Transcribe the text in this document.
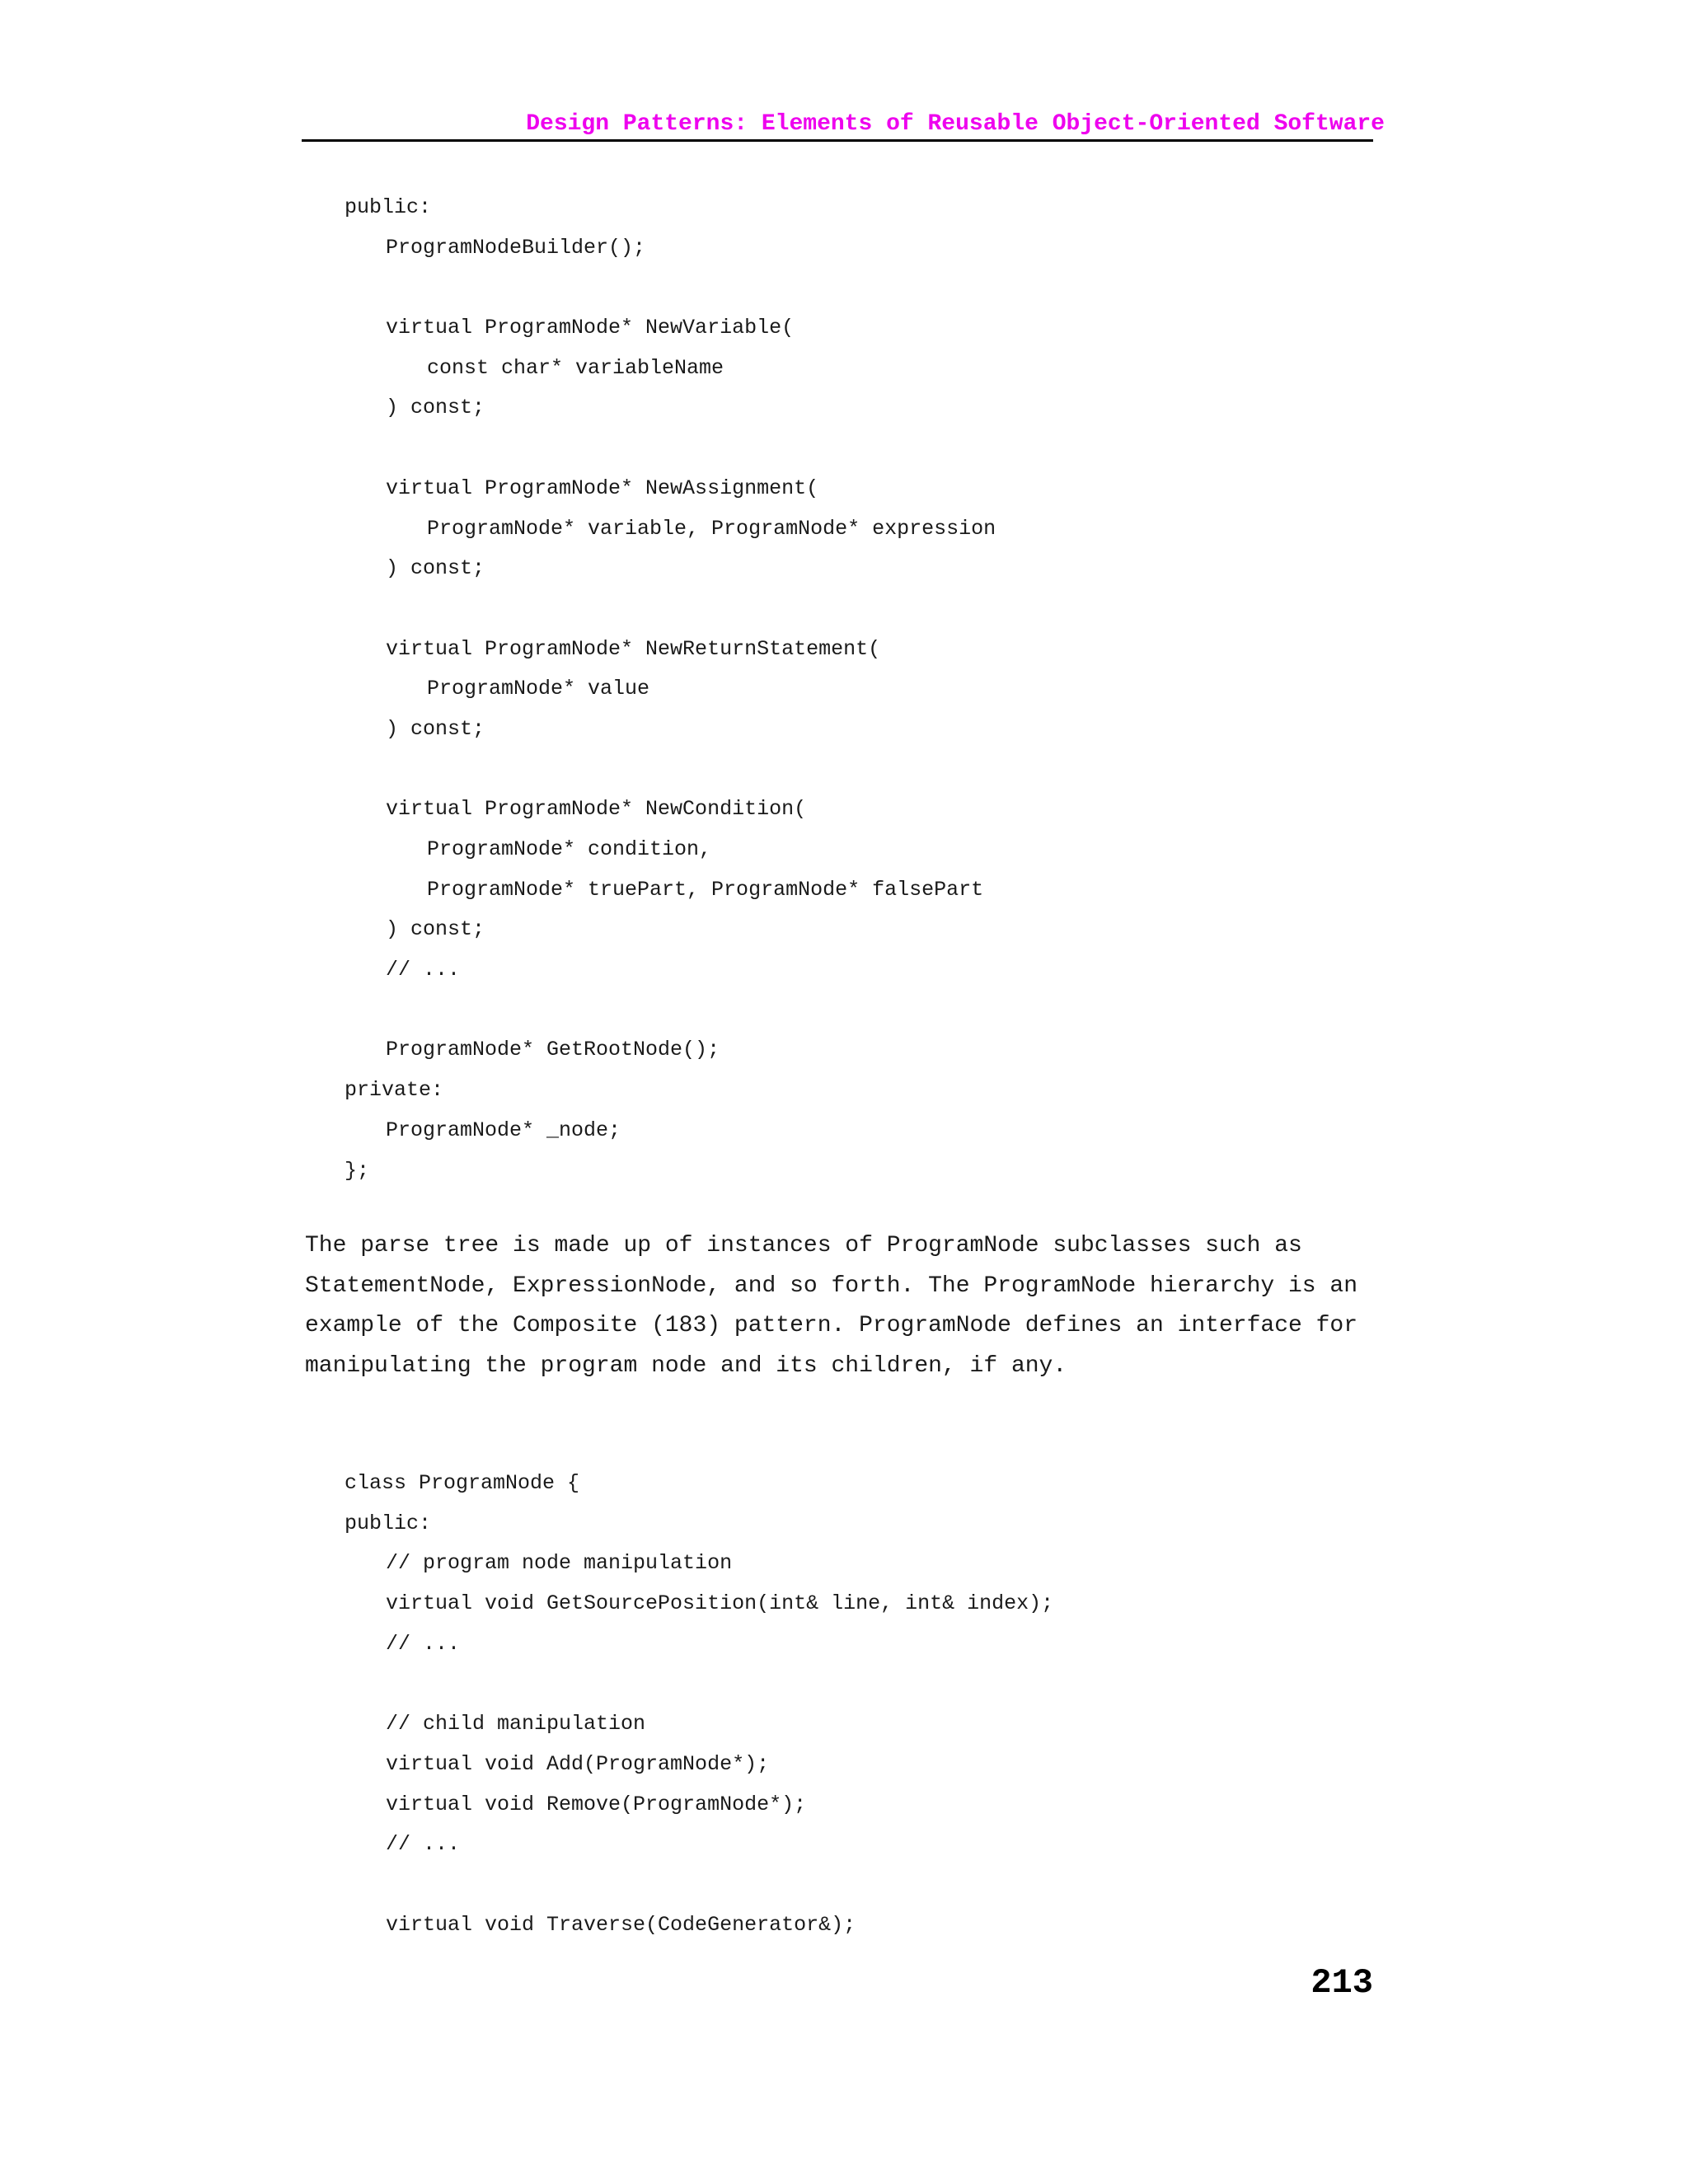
Design Patterns: Elements of Reusable Object-Oriented Software
public:
ProgramNodeBuilder();
virtual ProgramNode* NewVariable(
const char* variableName
) const;
virtual ProgramNode* NewAssignment(
ProgramNode* variable, ProgramNode* expression
) const;
virtual ProgramNode* NewReturnStatement(
ProgramNode* value
) const;
virtual ProgramNode* NewCondition(
ProgramNode* condition,
ProgramNode* truePart, ProgramNode* falsePart
) const;
// ...
ProgramNode* GetRootNode();
private:
ProgramNode* _node;
};
The parse tree is made up of instances of ProgramNode subclasses such as
StatementNode, ExpressionNode, and so forth. The ProgramNode hierarchy is an
example of the Composite (183) pattern. ProgramNode defines an interface for
manipulating the program node and its children, if any.
class ProgramNode {
public:
// program node manipulation
virtual void GetSourcePosition(int& line, int& index);
// ...
// child manipulation
virtual void Add(ProgramNode*);
virtual void Remove(ProgramNode*);
// ...
virtual void Traverse(CodeGenerator&);
213
